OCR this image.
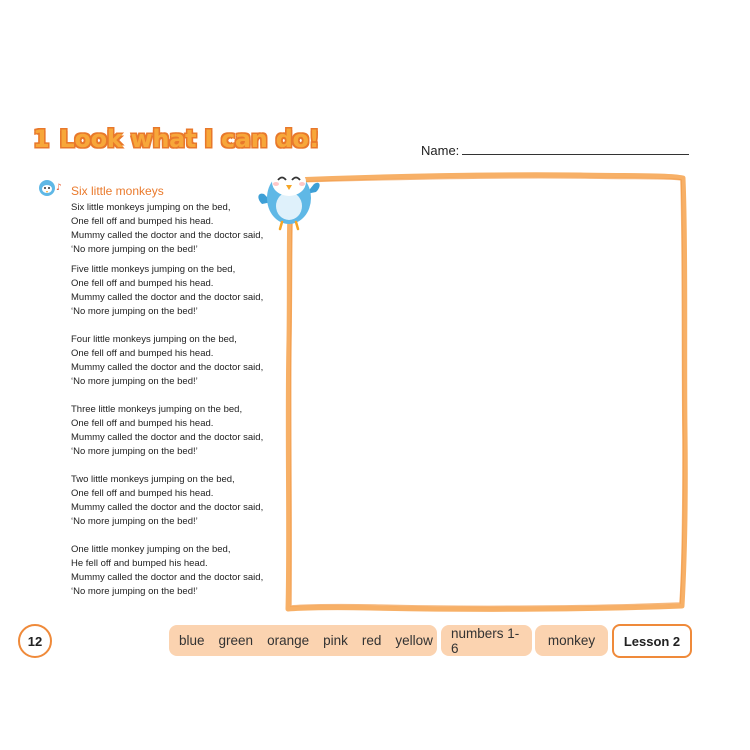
1 Look what I can do!	Name:
♪ Six little monkeys

Six little monkeys jumping on the bed,
One fell off and bumped his head.
Mummy called the doctor and the doctor said,
‘No more jumping on the bed!’

Five little monkeys jumping on the bed,
One fell off and bumped his head.
Mummy called the doctor and the doctor said,
‘No more jumping on the bed!’

Four little monkeys jumping on the bed,
One fell off and bumped his head.
Mummy called the doctor and the doctor said,
‘No more jumping on the bed!’

Three little monkeys jumping on the bed,
One fell off and bumped his head.
Mummy called the doctor and the doctor said,
‘No more jumping on the bed!’

Two little monkeys jumping on the bed,
One fell off and bumped his head.
Mummy called the doctor and the doctor said,
‘No more jumping on the bed!’

One little monkey jumping on the bed,
He fell off and bumped his head.
Mummy called the doctor and the doctor said,
‘No more jumping on the bed!’

12	blue green orange pink red yellow numbers 1-6	monkey	Lesson 2
